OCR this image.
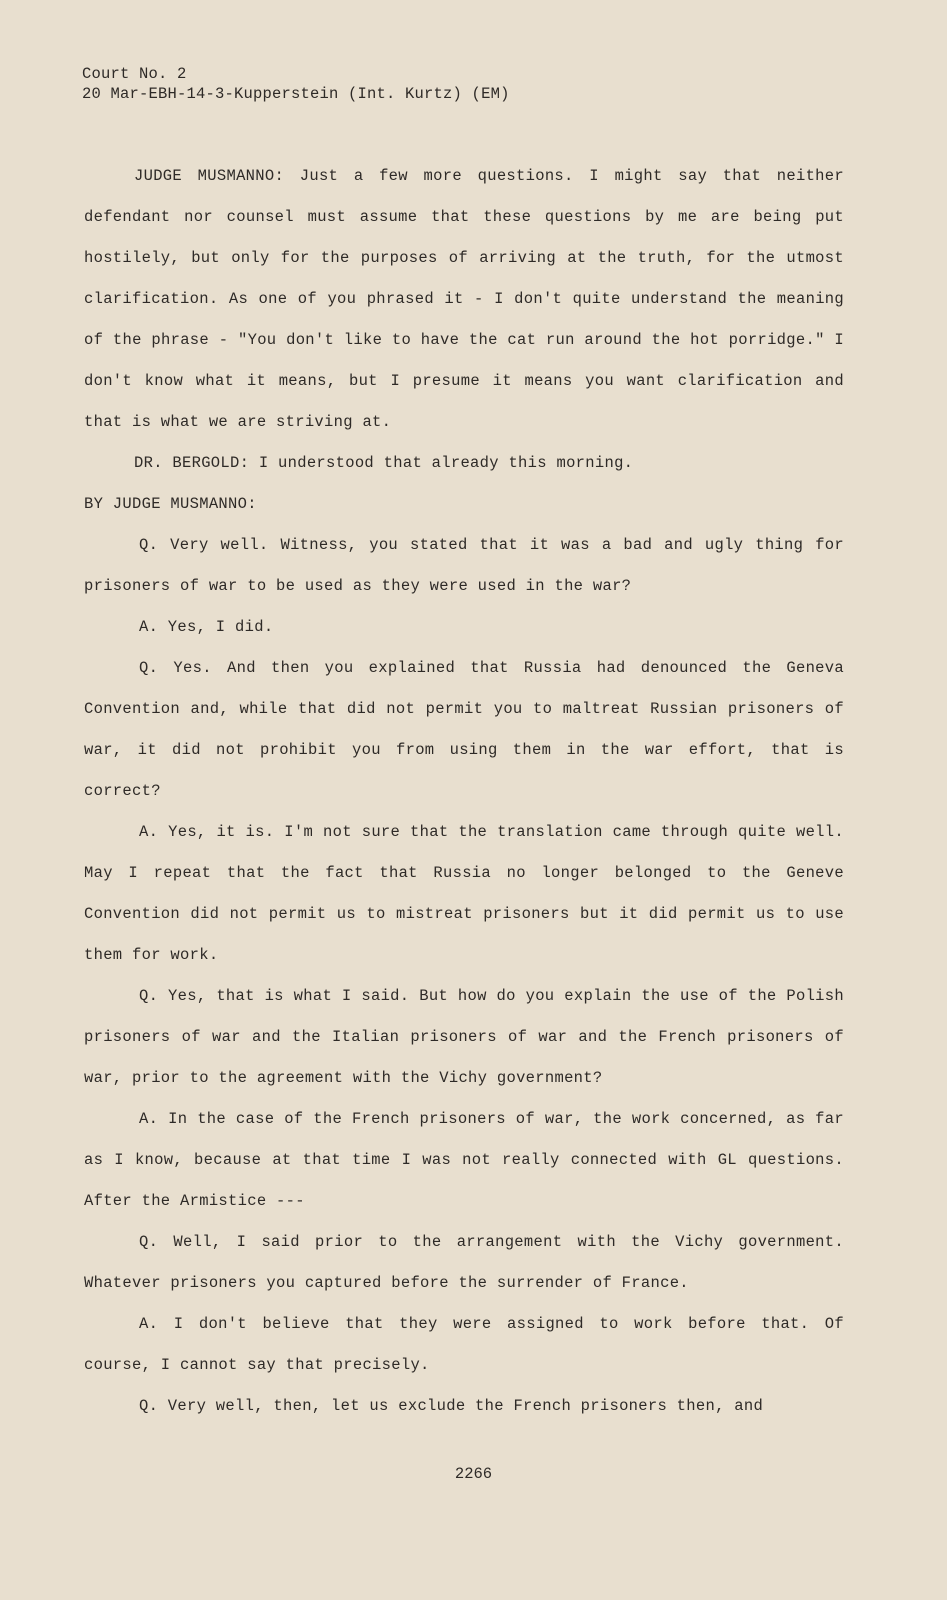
Court No. 2
20 Mar-EBH-14-3-Kupperstein (Int. Kurtz) (EM)

JUDGE MUSMANNO: Just a few more questions. I might say that neither defendant nor counsel must assume that these questions by me are being put hostilely, but only for the purposes of arriving at the truth, for the utmost clarification. As one of you phrased it - I don't quite understand the meaning of the phrase - "You don't like to have the cat run around the hot porridge." I don't know what it means, but I presume it means you want clarification and that is what we are striving at.

DR. BERGOLD: I understood that already this morning.

BY JUDGE MUSMANNO:

Q. Very well. Witness, you stated that it was a bad and ugly thing for prisoners of war to be used as they were used in the war?

A. Yes, I did.

Q. Yes. And then you explained that Russia had denounced the Geneva Convention and, while that did not permit you to maltreat Russian prisoners of war, it did not prohibit you from using them in the war effort, that is correct?

A. Yes, it is. I'm not sure that the translation came through quite well. May I repeat that the fact that Russia no longer belonged to the Geneve Convention did not permit us to mistreat prisoners but it did permit us to use them for work.

Q. Yes, that is what I said. But how do you explain the use of the Polish prisoners of war and the Italian prisoners of war and the French prisoners of war, prior to the agreement with the Vichy government?

A. In the case of the French prisoners of war, the work concerned, as far as I know, because at that time I was not really connected with GL questions. After the Armistice ---

Q. Well, I said prior to the arrangement with the Vichy government. Whatever prisoners you captured before the surrender of France.

A. I don't believe that they were assigned to work before that. Of course, I cannot say that precisely.

Q. Very well, then, let us exclude the French prisoners then, and

2266
